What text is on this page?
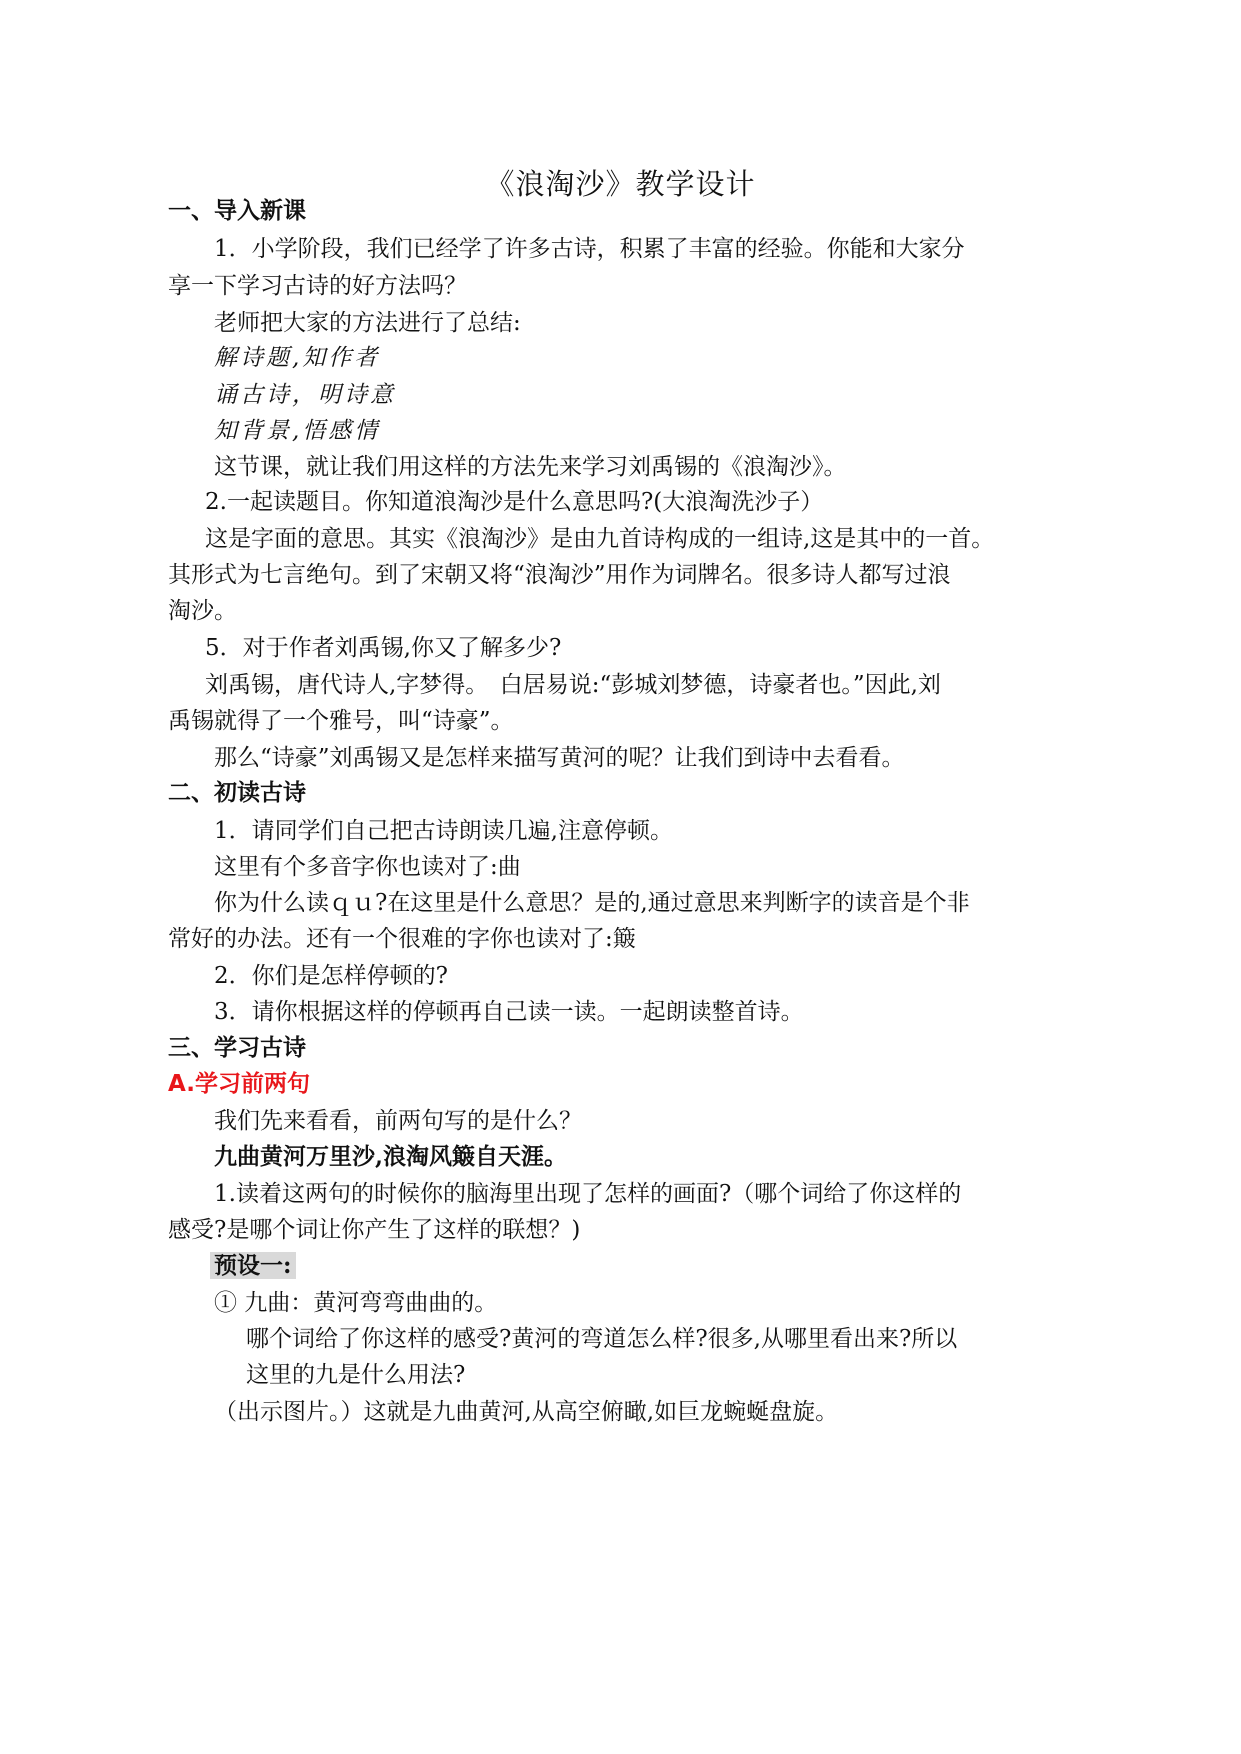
《浪淘沙》教学设计
一、导入新课
1．小学阶段，我们已经学了许多古诗，积累了丰富的经验。你能和大家分
享一下学习古诗的好方法吗？
老师把大家的方法进行了总结:
解诗题,知作者
诵古诗，明诗意
知背景,悟感情
这节课，就让我们用这样的方法先来学习刘禹锡的《浪淘沙》。
2.一起读题目。你知道浪淘沙是什么意思吗?(大浪淘洗沙子）
这是字面的意思。其实《浪淘沙》是由九首诗构成的一组诗,这是其中的一首。
其形式为七言绝句。到了宋朝又将“浪淘沙”用作为词牌名。很多诗人都写过浪
淘沙。
5．对于作者刘禹锡,你又了解多少?
刘禹锡，唐代诗人,字梦得。　白居易说:“彭城刘梦德，诗豪者也。”因此,刘
禹锡就得了一个雅号，叫“诗豪”。
那么“诗豪”刘禹锡又是怎样来描写黄河的呢？让我们到诗中去看看。
二、初读古诗
1．请同学们自己把古诗朗读几遍,注意停顿。
这里有个多音字你也读对了:曲
你为什么读ｑｕ?在这里是什么意思？是的,通过意思来判断字的读音是个非
常好的办法。还有一个很难的字你也读对了:簸
2．你们是怎样停顿的?
3．请你根据这样的停顿再自己读一读。一起朗读整首诗。
三、学习古诗
A.学习前两句
我们先来看看，前两句写的是什么？
九曲黄河万里沙,浪淘风簸自天涯。
1.读着这两句的时候你的脑海里出现了怎样的画面?（哪个词给了你这样的
感受?是哪个词让你产生了这样的联想？)
预设一:
① 九曲：黄河弯弯曲曲的。
哪个词给了你这样的感受?黄河的弯道怎么样?很多,从哪里看出来?所以
这里的九是什么用法?
（出示图片。）这就是九曲黄河,从高空俯瞰,如巨龙蜿蜒盘旋。
